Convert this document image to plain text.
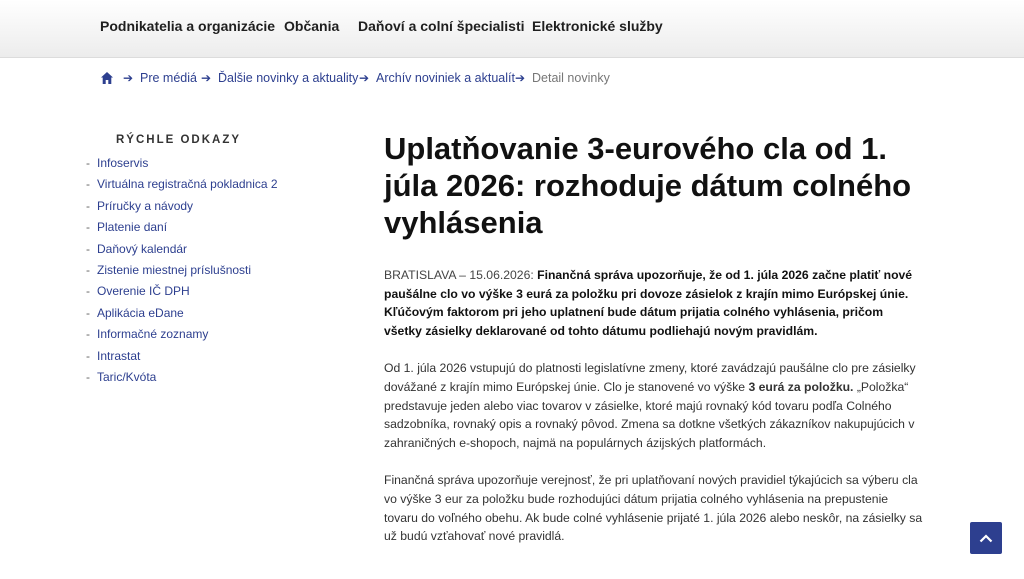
Podnikatelia a organizácie Občania Daňoví a colní špecialisti Elektronické služby
➔ Pre médiá ➔ Ďalšie novinky a aktuality ➔ Archív noviniek a aktualít ➔ Detail novinky
RÝCHLE ODKAZY
- Infoservis
- Virtuálna registračná pokladnica 2
- Príručky a návody
- Platenie daní
- Daňový kalendár
- Zistenie miestnej príslušnosti
- Overenie IČ DPH
- Aplikácia eDane
- Informačné zoznamy
- Intrastat
- Taric/Kvóta
Uplatňovanie 3-eurového cla od 1. júla 2026: rozhoduje dátum colného vyhlásenia

BRATISLAVA – 15.06.2026: Finančná správa upozorňuje, že od 1. júla 2026 začne platiť nové paušálne clo vo výške 3 eurá za položku pri dovoze zásielok z krajín mimo Európskej únie. Kľúčovým faktorom pri jeho uplatnení bude dátum prijatia colného vyhlásenia, pričom všetky zásielky deklarované od tohto dátumu podliehajú novým pravidlám.

Od 1. júla 2026 vstupujú do platnosti legislatívne zmeny, ktoré zavádzajú paušálne clo pre zásielky dovážané z krajín mimo Európskej únie. Clo je stanovené vo výške 3 eurá za položku. „Položka“ predstavuje jeden alebo viac tovarov v zásielke, ktoré majú rovnaký kód tovaru podľa Colného sadzobníka, rovnaký opis a rovnaký pôvod. Zmena sa dotkne všetkých zákazníkov nakupujúcich v zahraničných e-shopoch, najmä na populárnych ázijských platformách.

Finančná správa upozorňuje verejnosť, že pri uplatňovaní nových pravidiel týkajúcich sa výberu cla vo výške 3 eur za položku bude rozhodujúci dátum prijatia colného vyhlásenia na prepustenie tovaru do voľného obehu. Ak bude colné vyhlásenie prijaté 1. júla 2026 alebo neskôr, na zásielky sa už budú vzťahovať nové pravidlá.
